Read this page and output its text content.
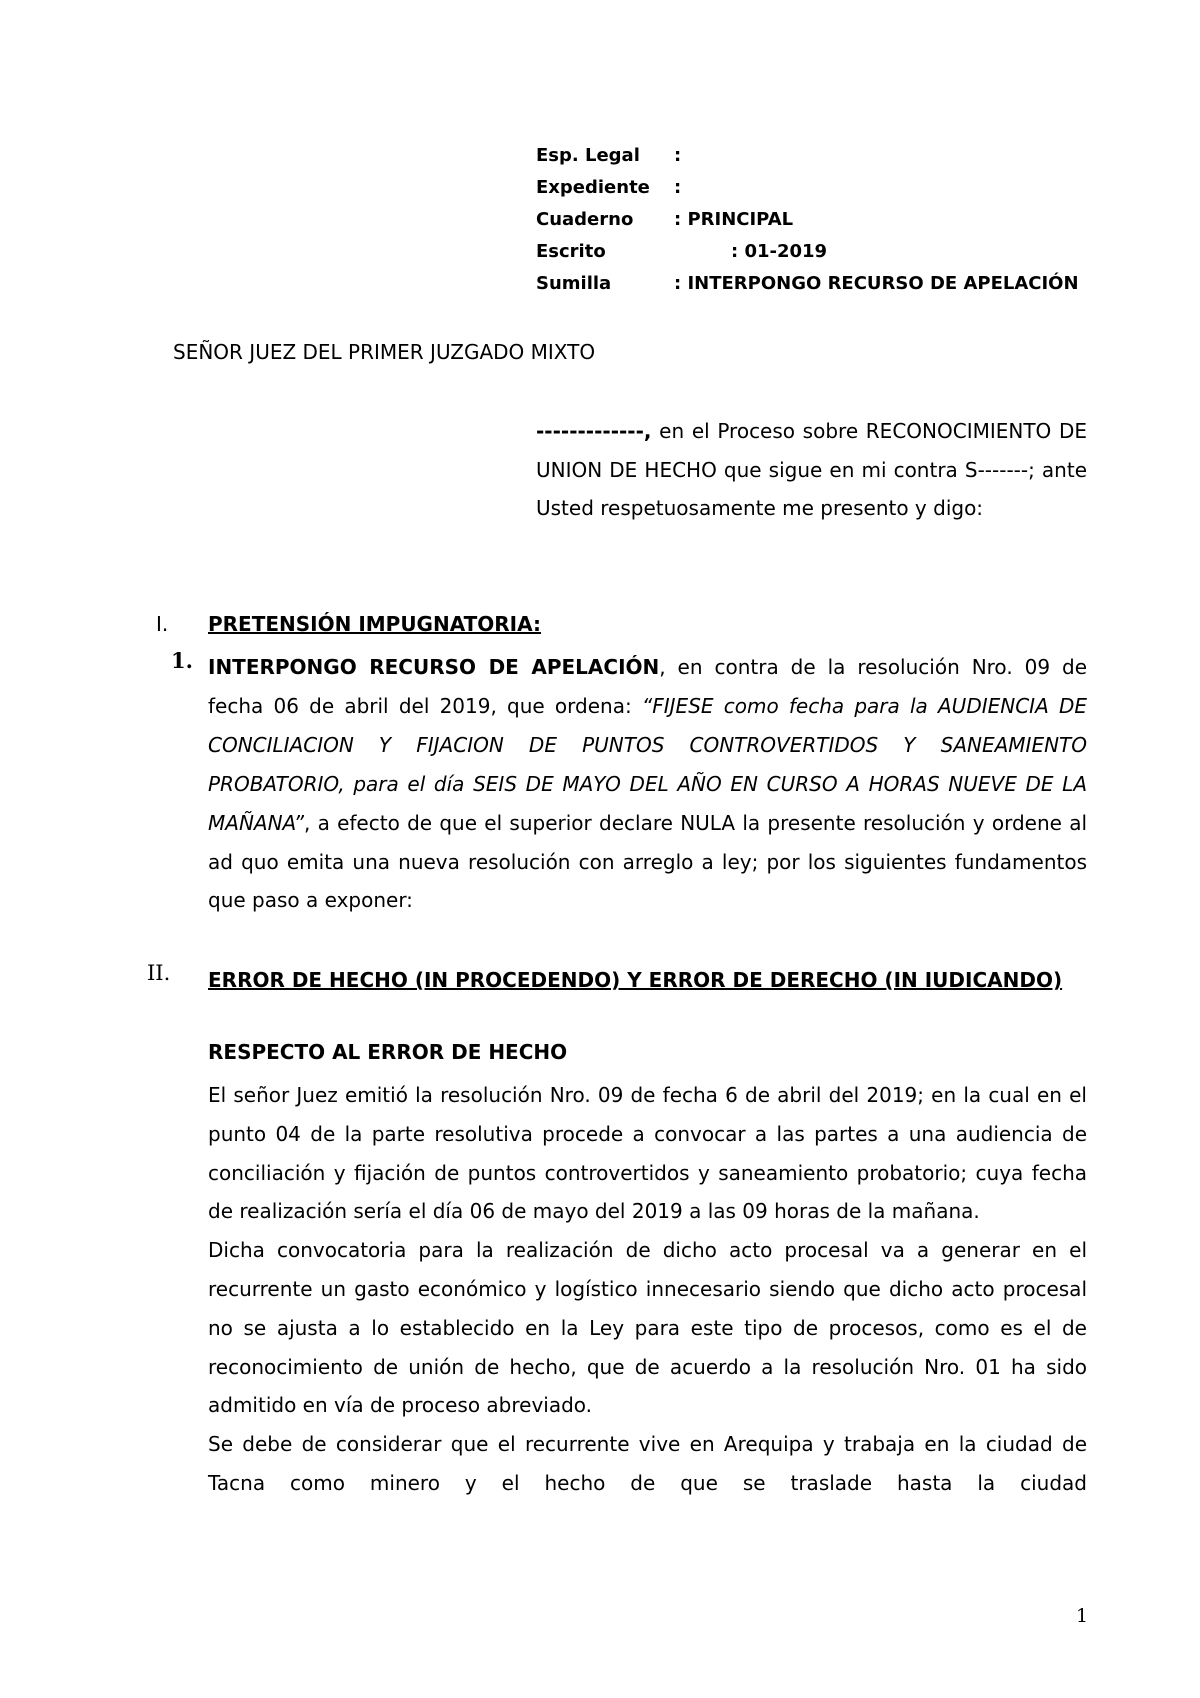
Esp. Legal :
Expediente :
Cuaderno : PRINCIPAL
Escrito	: 01-2019
Sumilla	: INTERPONGO RECURSO DE APELACIÓN
SEÑOR JUEZ DEL PRIMER JUZGADO MIXTO
-------------, en el Proceso sobre RECONOCIMIENTO DE UNION DE HECHO que sigue en mi contra S-------; ante Usted respetuosamente me presento y digo:
I. PRETENSIÓN IMPUGNATORIA:
1. INTERPONGO RECURSO DE APELACIÓN, en contra de la resolución Nro. 09 de fecha 06 de abril del 2019, que ordena: “FIJESE como fecha para la AUDIENCIA DE CONCILIACION Y FIJACION DE PUNTOS CONTROVERTIDOS Y SANEAMIENTO PROBATORIO, para el día SEIS DE MAYO DEL AÑO EN CURSO A HORAS NUEVE DE LA MAÑANA”, a efecto de que el superior declare NULA la presente resolución y ordene al ad quo emita una nueva resolución con arreglo a ley; por los siguientes fundamentos que paso a exponer:
II. ERROR DE HECHO (IN PROCEDENDO) Y ERROR DE DERECHO (IN IUDICANDO)
RESPECTO AL ERROR DE HECHO

El señor Juez emitió la resolución Nro. 09 de fecha 6 de abril del 2019; en la cual en el punto 04 de la parte resolutiva procede a convocar a las partes a una audiencia de conciliación y fijación de puntos controvertidos y saneamiento probatorio; cuya fecha de realización sería el día 06 de mayo del 2019 a las 09 horas de la mañana.

Dicha convocatoria para la realización de dicho acto procesal va a generar en el recurrente un gasto económico y logístico innecesario siendo que dicho acto procesal no se ajusta a lo establecido en la Ley para este tipo de procesos, como es el de reconocimiento de unión de hecho, que de acuerdo a la resolución Nro. 01 ha sido admitido en vía de proceso abreviado.

Se debe de considerar que el recurrente vive en Arequipa y trabaja en la ciudad de Tacna como minero y el hecho de que se traslade hasta la ciudad

1
